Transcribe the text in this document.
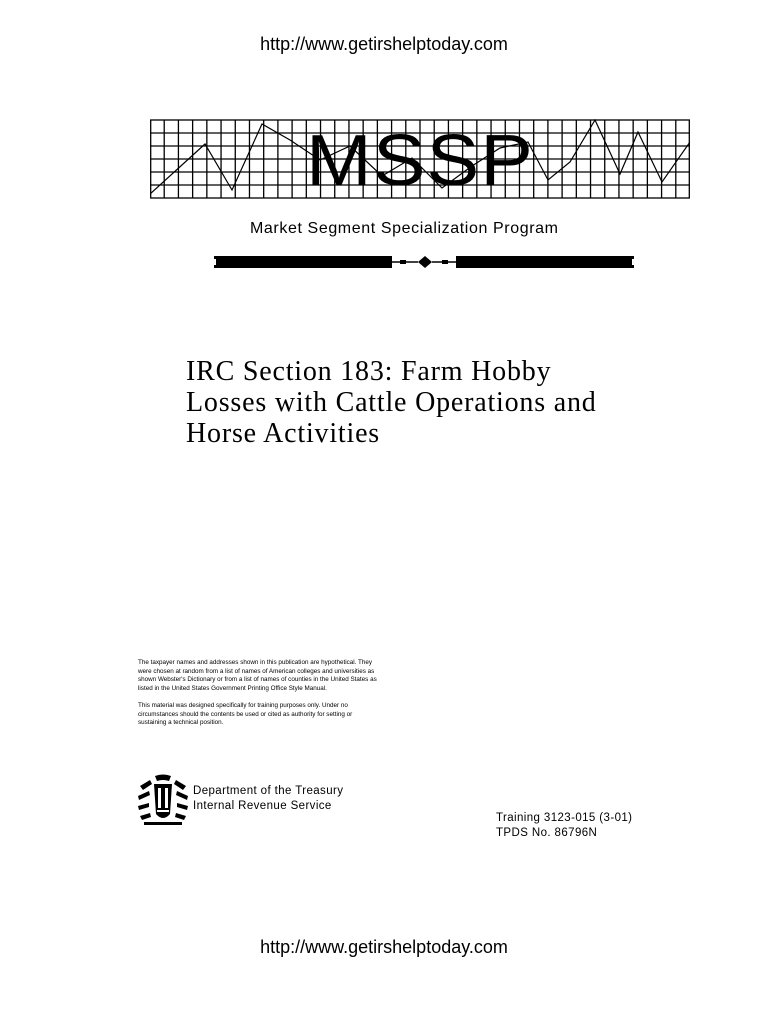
http://www.getirshelptoday.com
MSSP
Market Segment Specialization Program
IRC Section 183: Farm Hobby
Losses with Cattle Operations and
Horse Activities

The taxpayer names and addresses shown in this publication are hypothetical. They were chosen at random from a list of names of American colleges and universities as shown Webster's Dictionary or from a list of names of counties in the United States as listed in the United States Government Printing Office Style Manual.

This material was designed specifically for training purposes only. Under no circumstances should the contents be used or cited as authority for setting or sustaining a technical position.

Department of the Treasury
Internal Revenue Service
Training 3123-015 (3-01)
TPDS No. 86796N
http://www.getirshelptoday.com
